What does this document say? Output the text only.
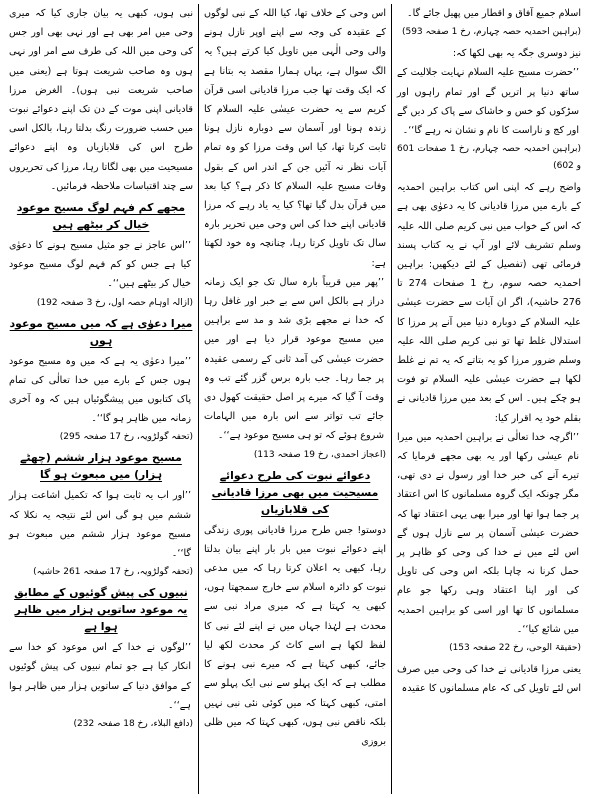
اسلام جمیع آفاق و اقطار میں پھیل جائے گا۔

(براہین احمدیہ حصہ چہارم، رخ 1 صفحہ 593)

نیز دوسری جگہ یہ بھی لکھا کہ:

’’حضرت مسیح علیہ السلام نہایت جلالیت کے ساتھ دنیا پر اتریں گے اور تمام راہوں اور سڑکوں کو خس و خاشاک سے پاک کر دیں گے اور کج و ناراست کا نام و نشان نہ رہے گا‘‘۔

(براہین احمدیہ حصہ چہارم، رخ 1 صفحات 601 و 602)

واضح رہے کہ اپنی اس کتاب براہین احمدیہ کے بارے میں مرزا قادیانی کا یہ دعوٰی بھی ہے کہ اس کے خواب میں نبی کریم صلی اللہ علیہ وسلم تشریف لائے اور آپ نے یہ کتاب پسند فرمائی تھی (تفصیل کے لئے دیکھیں: براہین احمدیہ حصہ سوم، رخ 1 صفحات 274 تا 276 حاشیہ)، اگر ان آیات سے حضرت عیسٰی علیہ السلام کے دوبارہ دنیا میں آنے پر مرزا کا استدلال غلط تھا تو نبی کریم صلی اللہ علیہ وسلم ضرور مرزا کو یہ بتاتے کہ یہ تم نے غلط لکھا ہے حضرت عیسٰی علیہ السلام تو فوت ہو چکے ہیں۔ اس کے بعد میں مرزا قادیانی نے بقلم خود یہ اقرار کیا:

’’اگرچہ خدا تعالٰی نے براہین احمدیہ میں میرا نام عیسٰی رکھا اور یہ بھی مجھے فرمایا کہ تیرے آنے کی خبر خدا اور رسول نے دی تھی، مگر چونکہ ایک گروہ مسلمانوں کا اس اعتقاد پر جما ہوا تھا اور میرا بھی یہی اعتقاد تھا کہ حضرت عیسٰی آسمان پر سے نازل ہوں گے اس لئے میں نے خدا کی وحی کو ظاہر پر حمل کرنا نہ چاہا بلکہ اس وحی کی تاویل کی اور اپنا اعتقاد وہی رکھا جو عام مسلمانوں کا تھا اور اسی کو براہین احمدیہ میں شائع کیا‘‘۔

(حقیقۃ الوحی، رخ 22 صفحہ 153)

یعنی مرزا قادیانی نے خدا کی وحی میں صرف اس لئے تاویل کی کہ عام مسلمانوں کا عقیدہ

اس وحی کے خلاف تھا، کیا اللہ کے نبی لوگوں کے عقیدہ کی وجہ سے اپنے اوپر نازل ہونے والی وحی الٰہی میں تاویل کیا کرتے ہیں؟ یہ الگ سوال ہے، یہاں ہمارا مقصد یہ بتانا ہے کہ ایک وقت تھا جب مرزا قادیانی اسی قرآن کریم سے یہ حضرت عیسٰی علیہ السلام کا زندہ ہونا اور آسمان سے دوبارہ نازل ہونا ثابت کرتا تھا، کیا اس وقت مرزا کو وہ تمام آیات نظر نہ آئیں جن کے اندر اس کے بقول وفات مسیح علیہ السلام کا ذکر ہے؟ کیا بعد میں قرآن بدل گیا تھا؟ کیا یہ یاد رہے کہ مرزا قادیانی اپنے خدا کی اس وحی میں تحریر بارہ سال تک تاویل کرتا رہا، چنانچہ وہ خود لکھتا ہے:

’’پھر میں قریباً بارہ سال تک جو ایک زمانہ دراز ہے بالکل اس سے بے خبر اور غافل رہا کہ خدا نے مجھے بڑی شد و مد سے براہین میں مسیح موعود قرار دیا ہے اور میں حضرت عیسٰی کی آمد ثانی کے رسمی عقیدہ پر جما رہا۔ جب بارہ برس گزر گئے تب وہ وقت آ گیا کہ میرے پر اصل حقیقت کھول دی جائے تب تواتر سے اس بارہ میں الہامات شروع ہوئے کہ تو ہی مسیح موعود ہے‘‘۔

(اعجاز احمدی، رخ 19 صفحہ 113)

دعوائے نبوت کی طرح دعوائے مسیحیت میں بھی مرزا قادیانی کی قلابازیاں

دوستو! جس طرح مرزا قادیانی پوری زندگی اپنے دعوائے نبوت میں بار بار اپنے بیان بدلتا رہا، کبھی یہ اعلان کرتا رہا کہ میں مدعی نبوت کو دائرہ اسلام سے خارج سمجھتا ہوں، کبھی یہ کہتا ہے کہ میری مراد نبی سے محدث ہے لہٰذا جہاں میں نے اپنے لئے نبی کا لفظ لکھا ہے اسے کاٹ کر محدث لکھ لیا جائے، کبھی کہتا ہے کہ میرے نبی ہونے کا مطلب ہے کہ ایک پہلو سے نبی ایک پہلو سے امتی، کبھی کہتا کہ میں کوئی نئی نبی نہیں بلکہ ناقص نبی ہوں، کبھی کہتا کہ میں ظلی بروزی

نبی ہوں، کبھی یہ بیان جاری کیا کہ میری وحی میں امر بھی ہے اور نہی بھی اور جس کی وحی میں اللہ کی طرف سے امر اور نہی ہوں وہ صاحب شریعت ہوتا ہے (یعنی میں صاحب شریعت نبی ہوں)۔ الغرض مرزا قادیانی اپنی موت کے دن تک اپنے دعوائے نبوت میں حسب ضرورت رنگ بدلتا رہا، بالکل اسی طرح اس کی قلابازیاں وہ اپنے دعوائے مسیحیت میں بھی لگاتا رہا، مرزا کی تحریروں سے چند اقتباسات ملاحظہ فرمائیں۔

مجھے کم فہم لوگ مسیح موعود خیال کر بیٹھے ہیں

’’اس عاجز نے جو مثیل مسیح ہونے کا دعوٰی کیا ہے جس کو کم فہم لوگ مسیح موعود خیال کر بیٹھے ہیں‘‘۔

(ازالہ اوہام حصہ اول، رخ 3 صفحہ 192)

میرا دعوٰی ہے کہ میں مسیح موعود ہوں

’’میرا دعوٰی یہ ہے کہ میں وہ مسیح موعود ہوں جس کے بارے میں خدا تعالٰی کی تمام پاک کتابوں میں پیشگوئیاں ہیں کہ وہ آخری زمانہ میں ظاہر ہو گا‘‘۔

(تحفہ گولڑویہ، رخ 17 صفحہ 295)

مسیح موعود ہزار ششم (چھٹے ہزار) میں مبعوث ہو گا

’’اور اب یہ ثابت ہوا کہ تکمیل اشاعت ہزار ششم میں ہو گی اس لئے نتیجہ یہ نکلا کہ مسیح موعود ہزار ششم میں مبعوث ہو گا‘‘۔

(تحفہ گولڑویہ، رخ 17 صفحہ 261 حاشیہ)

نبیوں کی پیش گوئیوں کے مطابق یہ موعود ساتویں ہزار میں ظاہر ہوا ہے

’’لوگوں نے خدا کے اس موعود کو خدا سے انکار کیا ہے جو تمام نبیوں کی پیش گوئیوں کے موافق دنیا کے ساتویں ہزار میں ظاہر ہوا ہے‘‘۔

(دافع البلاء، رخ 18 صفحہ 232)
